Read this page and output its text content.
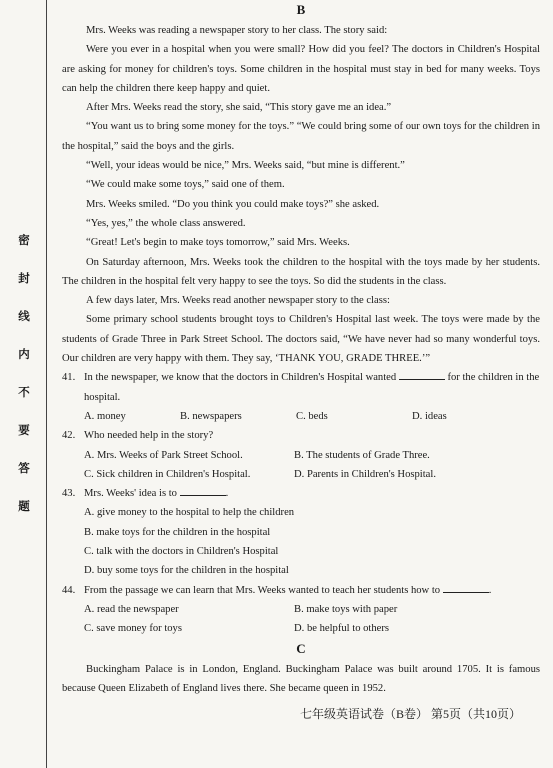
密
封
线
内
不
要
答
题
B

Mrs. Weeks was reading a newspaper story to her class. The story said:

Were you ever in a hospital when you were small? How did you feel? The doctors in Children's Hospital are asking for money for children's toys. Some children in the hospital must stay in bed for many weeks. Toys can help the children there keep happy and quiet.

After Mrs. Weeks read the story, she said, “This story gave me an idea.”

“You want us to bring some money for the toys.” “We could bring some of our own toys for the children in the hospital,” said the boys and the girls.

“Well, your ideas would be nice,” Mrs. Weeks said, “but mine is different.”

“We could make some toys,” said one of them.

Mrs. Weeks smiled. “Do you think you could make toys?” she asked.

“Yes, yes,” the whole class answered.

“Great! Let's begin to make toys tomorrow,” said Mrs. Weeks.

On Saturday afternoon, Mrs. Weeks took the children to the hospital with the toys made by her students. The children in the hospital felt very happy to see the toys. So did the students in the class.

A few days later, Mrs. Weeks read another newspaper story to the class:

Some primary school students brought toys to Children's Hospital last week. The toys were made by the students of Grade Three in Park Street School. The doctors said, “We have never had so many wonderful toys. Our children are very happy with them. They say, ‘THANK YOU, GRADE THREE.’”

41. In the newspaper, we know that the doctors in Children's Hospital wanted	for the children in the hospital.
A. money	B. newspapers	C. beds	D. ideas
42. Who needed help in the story?
A. Mrs. Weeks of Park Street School.	B. The students of Grade Three.
C. Sick children in Children's Hospital.	D. Parents in Children's Hospital.
43. Mrs. Weeks' idea is to	.
A. give money to the hospital to help the children
B. make toys for the children in the hospital
C. talk with the doctors in Children's Hospital
D. buy some toys for the children in the hospital
44. From the passage we can learn that Mrs. Weeks wanted to teach her students how to	.
A. read the newspaper	B. make toys with paper
C. save money for toys	D. be helpful to others
C

Buckingham Palace is in London, England. Buckingham Palace was built around 1705. It is famous because Queen Elizabeth of England lives there. She became queen in 1952.

七年级英语试卷（B卷） 第5页（共10页）
